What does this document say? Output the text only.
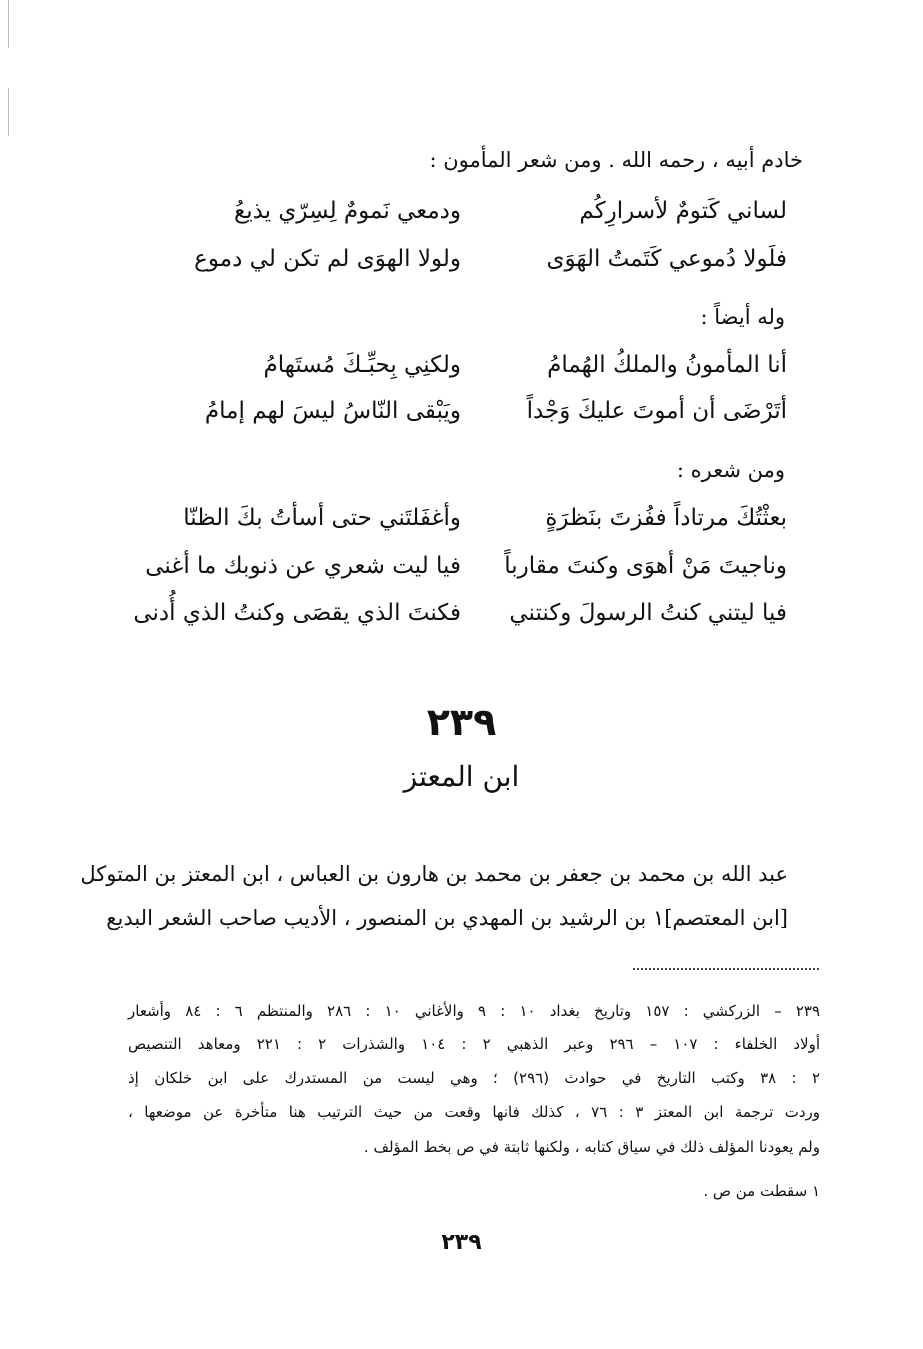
خادم أبيه ، رحمه الله . ومن شعر المأمون :
لساني كَتومٌ لأسرارِكُم
ودمعي نَمومٌ لِسِرّي يذيعُ
فلَولا دُموعي كَتَمتُ الهَوَى
ولولا الهوَى لم تكن لي دموع
وله أيضاً :
أنا المأمونُ والملكُ الهُمامُ
ولكنِي بِحبِّـكَ مُستَهامُ
أتَرْضَى أن أموتَ عليكَ وَجْداً
ويَبْقى النّاسُ ليسَ لهم إمامُ
ومن شعره :
بعثْتُكَ مرتاداً ففُزتَ بنَظرَةٍ
وأغفَلتَني حتى أسأتُ بكَ الظنّا
وناجيتَ مَنْ أهوَى وكنتَ مقارباً
فيا ليت شعري عن ذنوبك ما أغنى
فيا ليتني كنتُ الرسولَ وكنتني
فكنتَ الذي يقصَى وكنتُ الذي أُدنى
٢٣٩
ابن المعتز
عبد الله بن محمد بن جعفر بن محمد بن هارون بن العباس ، ابن المعتز بن المتوكل
[ابن المعتصم]١ بن الرشيد بن المهدي بن المنصور ، الأديب صاحب الشعر البديع
٢٣٩ – الزركشي : ١٥٧ وتاريخ بغداد ١٠ : ٩ والأغاني ١٠ : ٢٨٦ والمنتظم ٦ : ٨٤ وأشعار
أولاد الخلفاء : ١٠٧ – ٢٩٦ وعبر الذهبي ٢ : ١٠٤ والشذرات ٢ : ٢٢١ ومعاهد التنصيص
٢ : ٣٨ وكتب التاريخ في حوادث (٢٩٦) ؛ وهي ليست من المستدرك على ابن خلكان إذ
وردت ترجمة ابن المعتز ٣ : ٧٦ ، كذلك فانها وقعت من حيث الترتيب هنا متأخرة عن موضعها ،
ولم يعودنا المؤلف ذلك في سياق كتابه ، ولكنها ثابتة في ص بخط المؤلف .
١ سقطت من ص .
٢٣٩
